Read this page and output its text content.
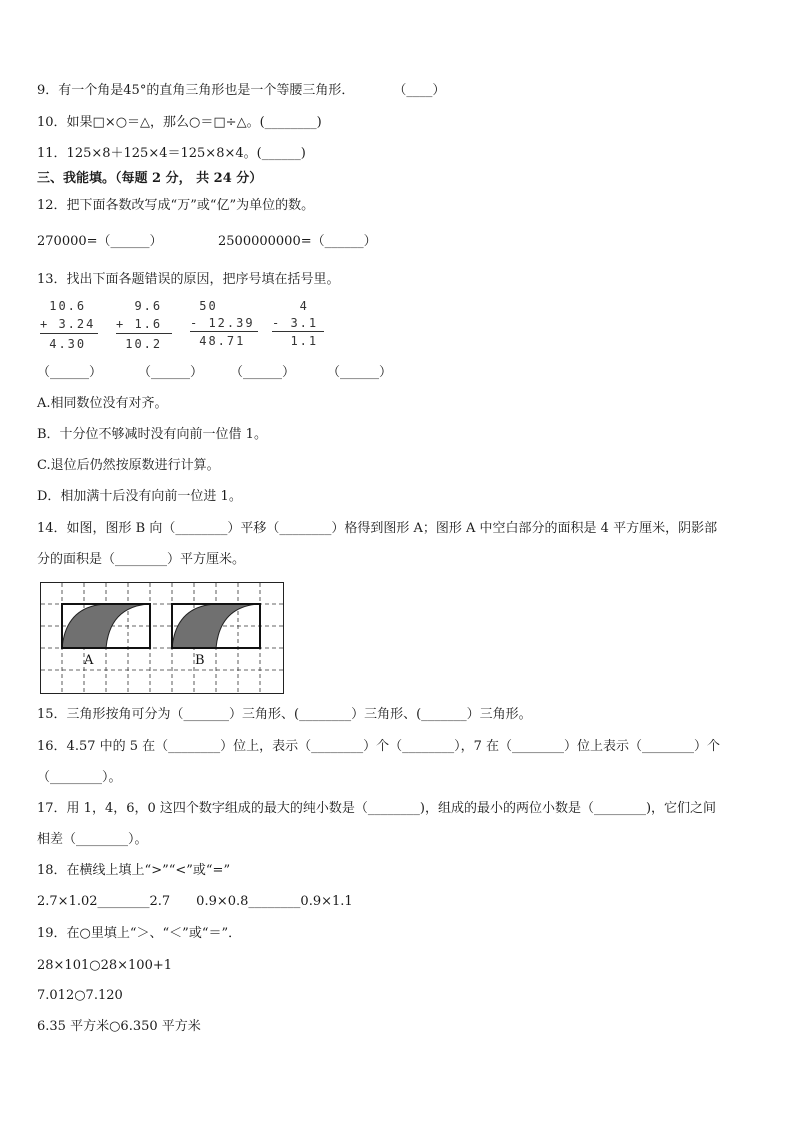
9．有一个角是45°的直角三角形也是一个等腰三角形．　　　　（____）
10．如果□×○＝△，那么○＝□÷△。(________)
11．125×8＋125×4＝125×8×4。(______)
三、我能填。（每题 2 分， 共 24 分）
12．把下面各数改写成“万”或“亿”为单位的数。
270000=（______）	2500000000=（______）
13．找出下面各题错误的原因，把序号填在括号里。
10.6
+ 3.24
4.30
9.6
+ 1.6
10.2
50
- 12.39
48.71
4
- 3.1
1.1
（______）	（______） （______） （______）
A.相同数位没有对齐。
B．十分位不够减时没有向前一位借 1。
C.退位后仍然按原数进行计算。
D．相加满十后没有向前一位进 1。
14．如图，图形 B 向（________）平移（________）格得到图形 A；图形 A 中空白部分的面积是 4 平方厘米，阴影部
分的面积是（________）平方厘米。
A	B
15．三角形按角可分为（_______）三角形、(________）三角形、(_______）三角形。
16．4.57 中的 5 在（________）位上，表示（________）个（________），7 在（________）位上表示（________）个
（________）。
17．用 1，4，6，0 这四个数字组成的最大的纯小数是（________)，组成的最小的两位小数是（________)，它们之间
相差（________）。
18．在横线上填上“>”“<”或“=”
2.7×1.02________2.7　　0.9×0.8________0.9×1.1
19．在○里填上“＞、“＜”或“＝”．
28×101○28×100+1
7.012○7.120
6.35 平方米○6.350 平方米
